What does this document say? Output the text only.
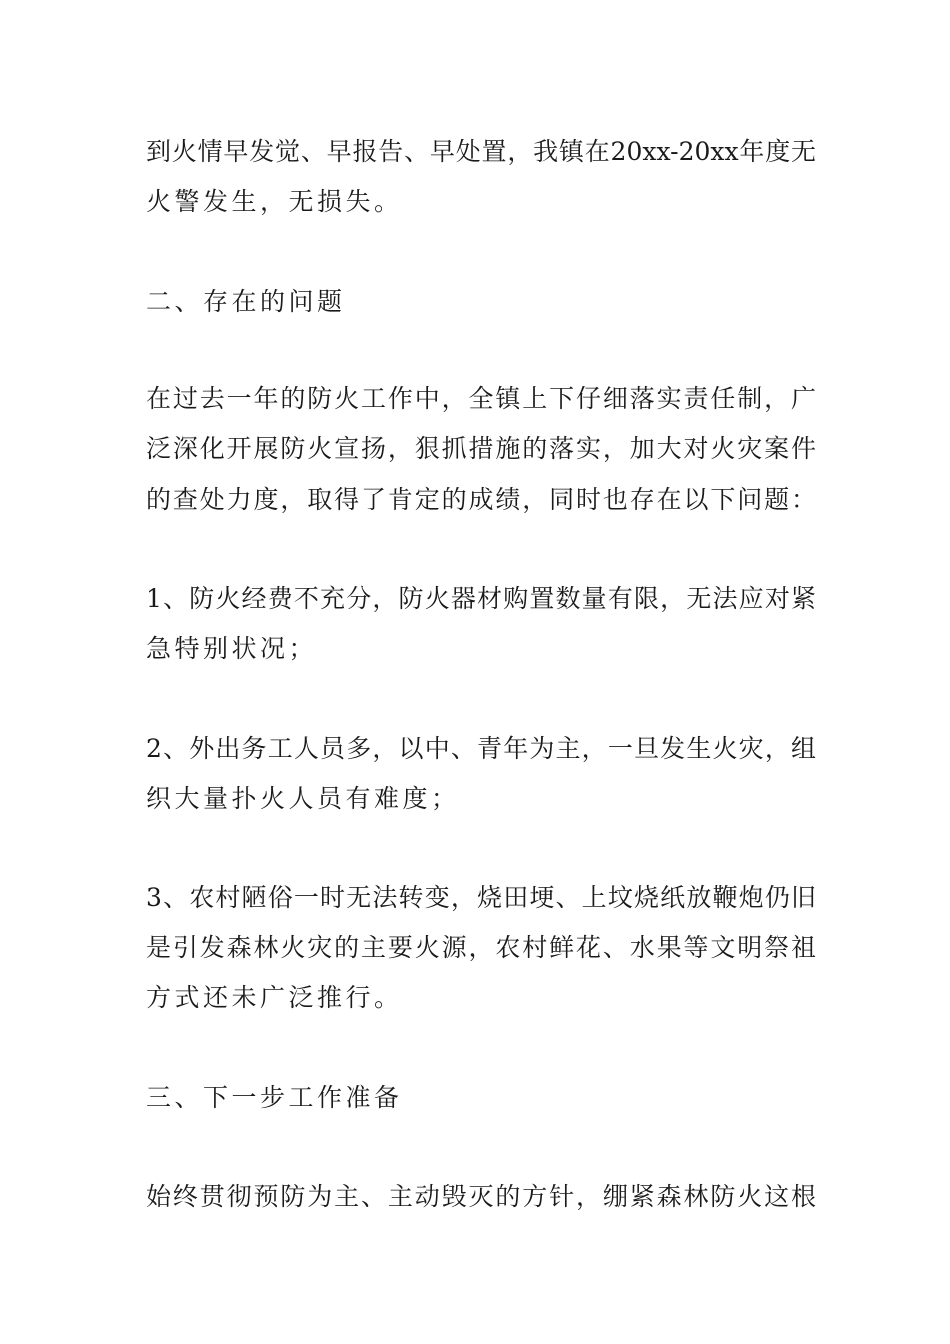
到火情早发觉、早报告、早处置，我镇在20xx-20xx年度无
火警发生，无损失。
二、存在的问题
在过去一年的防火工作中，全镇上下仔细落实责任制，广
泛深化开展防火宣扬，狠抓措施的落实，加大对火灾案件
的查处力度，取得了肯定的成绩，同时也存在以下问题：
1、防火经费不充分，防火器材购置数量有限，无法应对紧
急特别状况；
2、外出务工人员多，以中、青年为主，一旦发生火灾，组
织大量扑火人员有难度；
3、农村陋俗一时无法转变，烧田埂、上坟烧纸放鞭炮仍旧
是引发森林火灾的主要火源，农村鲜花、水果等文明祭祖
方式还未广泛推行。
三、下一步工作准备
始终贯彻预防为主、主动毁灭的方针，绷紧森林防火这根
